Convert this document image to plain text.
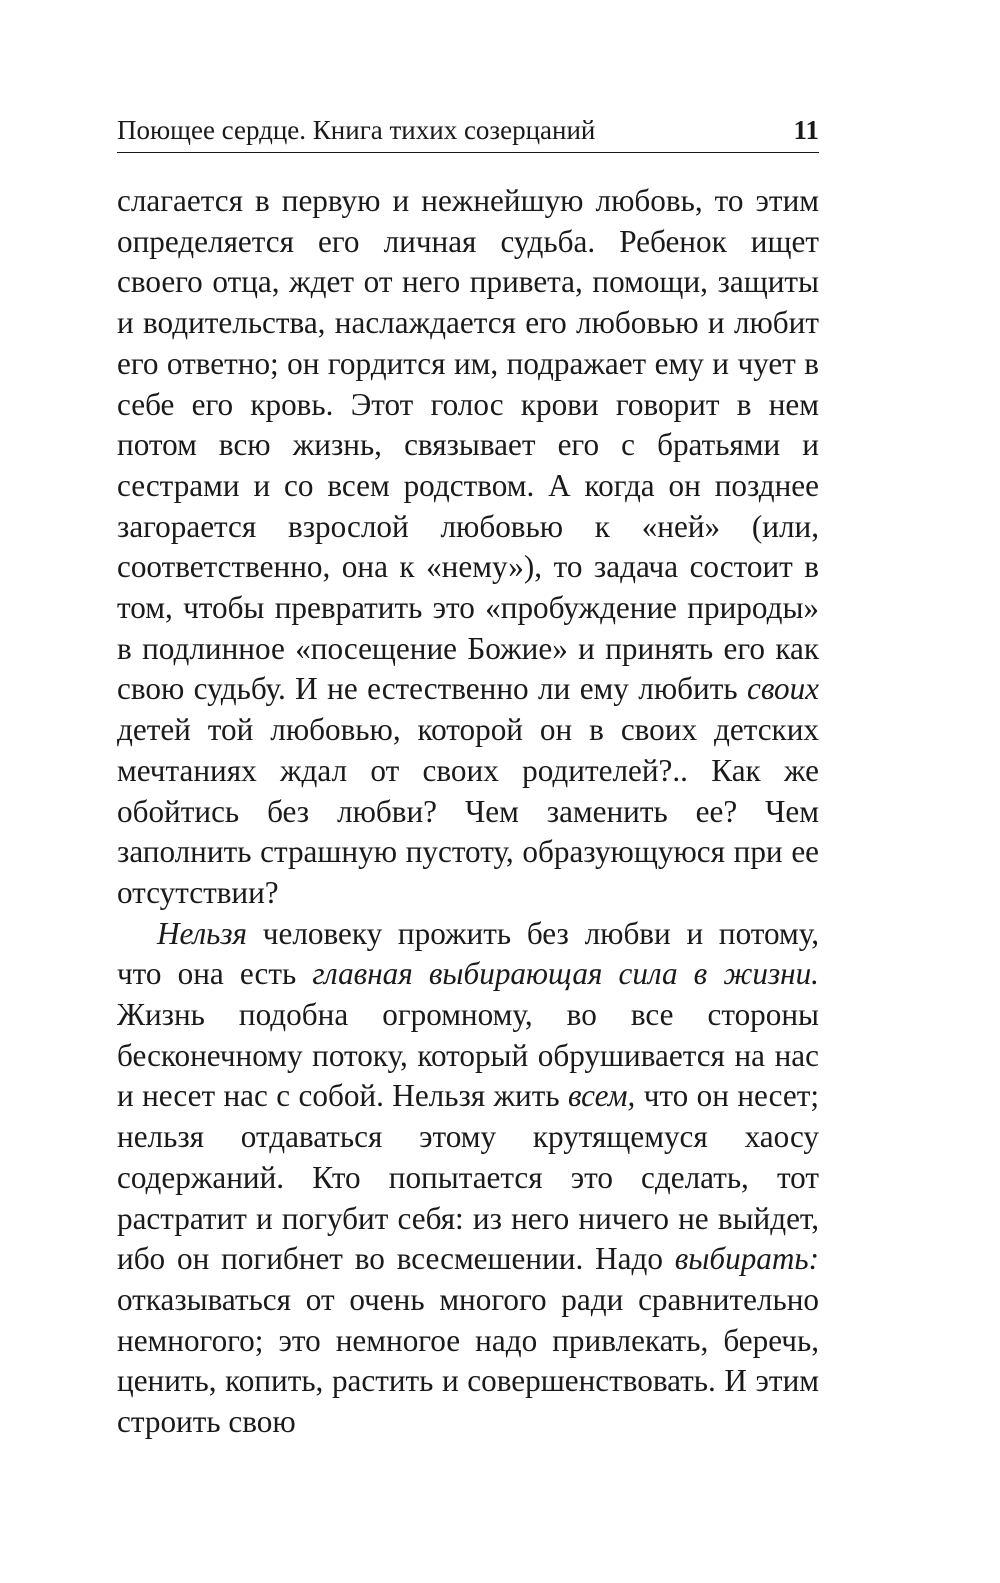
Поющее сердце. Книга тихих созерцаний	11

слагается в первую и нежнейшую любовь, то этим определяется его личная судьба. Ребенок ищет своего отца, ждет от него привета, помощи, защиты и водительства, наслаждается его любовью и любит его ответно; он гордится им, подражает ему и чует в себе его кровь. Этот голос крови говорит в нем потом всю жизнь, связывает его с братьями и сестрами и со всем родством. А когда он позднее загорается взрослой любовью к «ней» (или, соответственно, она к «нему»), то задача состоит в том, чтобы превратить это «пробуждение природы» в подлинное «посещение Божие» и принять его как свою судьбу. И не естественно ли ему любить своих детей той любовью, которой он в своих детских мечтаниях ждал от своих родителей?.. Как же обойтись без любви? Чем заменить ее? Чем заполнить страшную пустоту, образующуюся при ее отсутствии?

Нельзя человеку прожить без любви и потому, что она есть главная выбирающая сила в жизни. Жизнь подобна огромному, во все стороны бесконечному потоку, который обрушивается на нас и несет нас с собой. Нельзя жить всем, что он несет; нельзя отдаваться этому крутящемуся хаосу содержаний. Кто попытается это сделать, тот растратит и погубит себя: из него ничего не выйдет, ибо он погибнет во всесмешении. Надо выбирать: отказываться от очень многого ради сравнительно немногого; это немногое надо привлекать, беречь, ценить, копить, растить и совершенствовать. И этим строить свою
